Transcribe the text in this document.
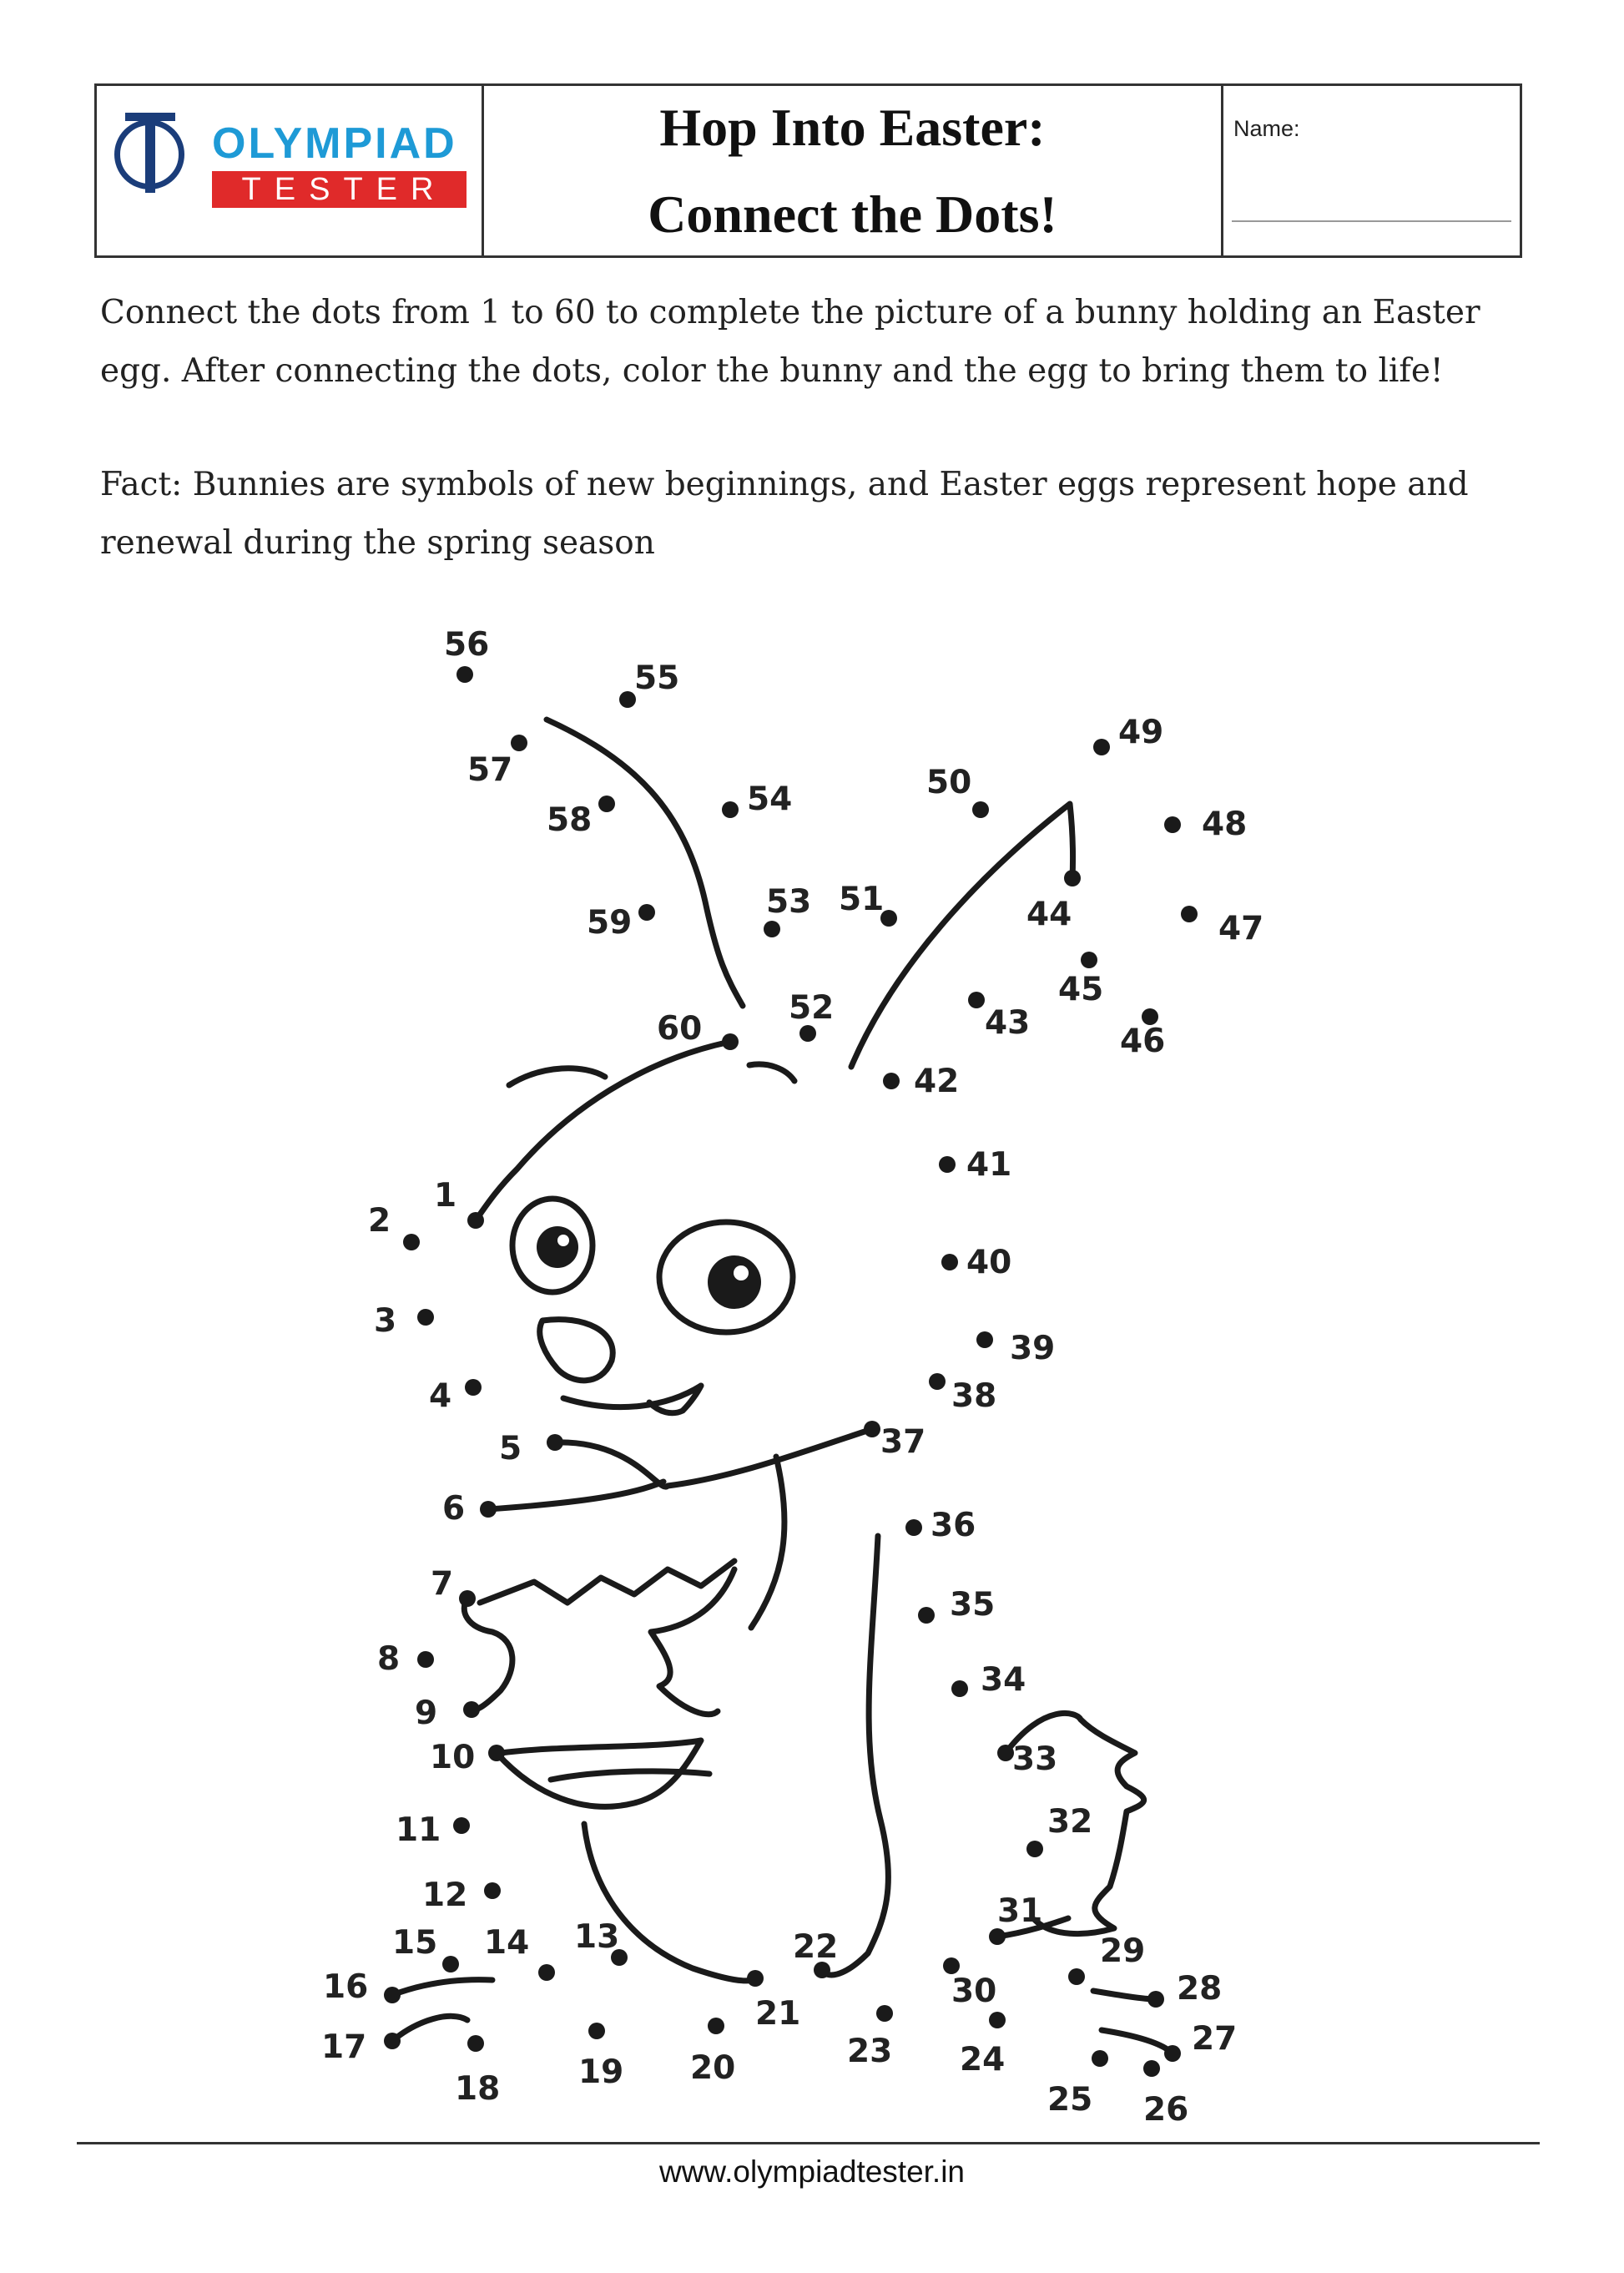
OLYMPIAD
TESTER
Hop Into Easter:
Connect the Dots!
Name:
Connect the dots from 1 to 60 to complete the picture of a bunny holding an Easter egg. After connecting the dots, color the bunny and the egg to bring them to life!
Fact: Bunnies are symbols of new beginnings, and Easter eggs represent hope and renewal during the spring season
1
2
3
4
5
6
7
8
9
10
11
12
13
14
15
16
17
18 19 20
21
22
23 24
25 26
27
28
29
30
31
32
33
34
35
36
37
38
39
40
41
42
43
44
45
46
47
48
49
50
51
52
53
54
55
56
57
58
59
60
www.olympiadtester.in
